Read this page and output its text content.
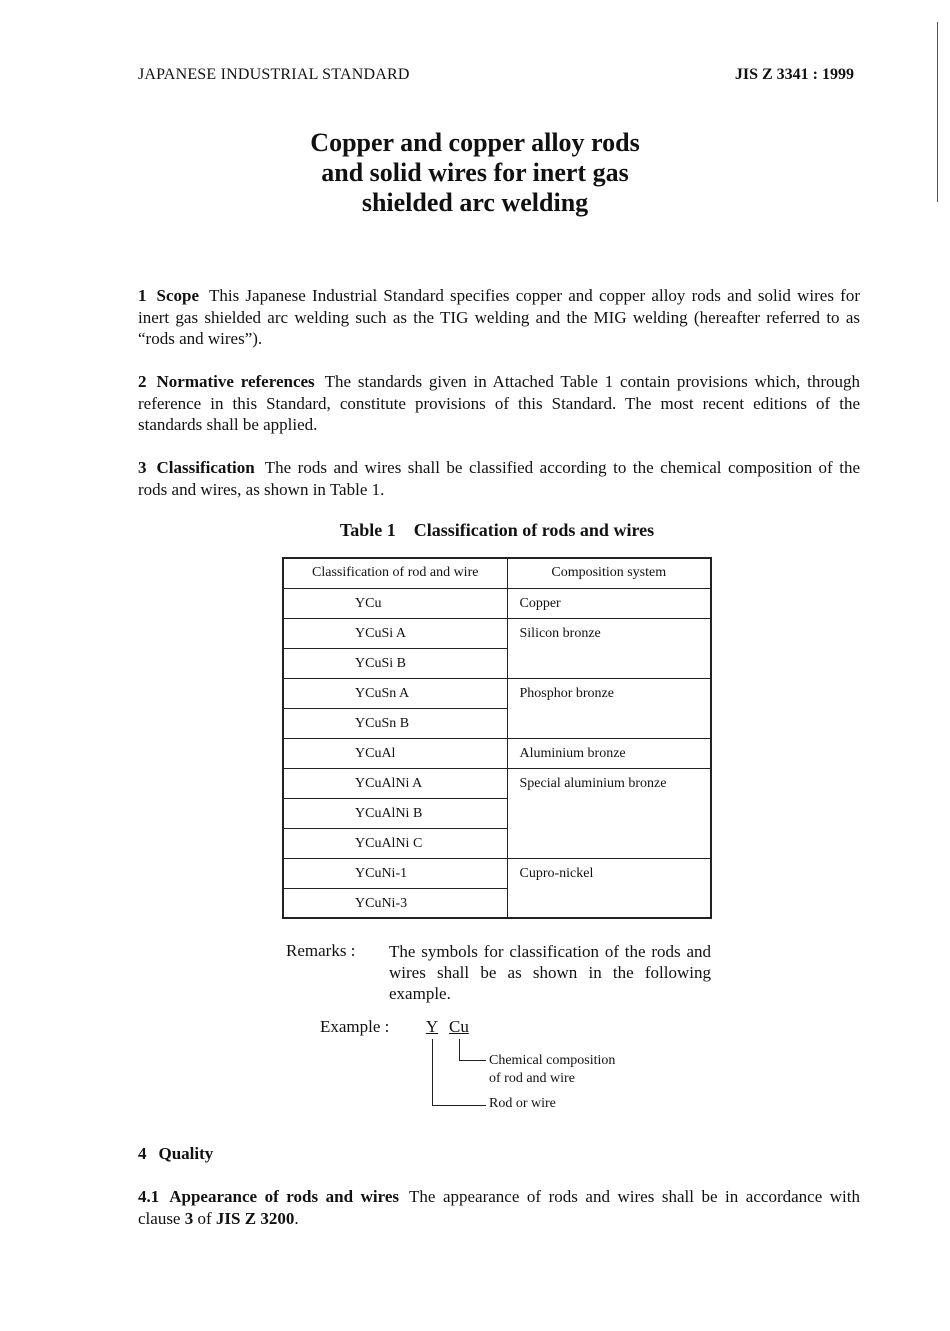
JAPANESE INDUSTRIAL STANDARD	JIS Z 3341 : 1999
Copper and copper alloy rods
and solid wires for inert gas
shielded arc welding
1 Scope This Japanese Industrial Standard specifies copper and copper alloy rods and solid wires for inert gas shielded arc welding such as the TIG welding and the MIG welding (hereafter referred to as “rods and wires”).
2 Normative references The standards given in Attached Table 1 contain provisions which, through reference in this Standard, constitute provisions of this Standard. The most recent editions of the standards shall be applied.
3 Classification The rods and wires shall be classified according to the chemical composition of the rods and wires, as shown in Table 1.
Table 1 Classification of rods and wires
Classification of rod and wire	Composition system
YCu	Copper
YCuSi A	Silicon bronze
YCuSi B	
YCuSn A	Phosphor bronze
YCuSn B	
YCuAl	Aluminium bronze
YCuAlNi A	Special aluminium bronze
YCuAlNi B	
YCuAlNi C	
YCuNi-1	Cupro-nickel
YCuNi-3	
Remarks : The symbols for classification of the rods and wires shall be as shown in the following example.
Example : Y Cu
Chemical composition
of rod and wire
Rod or wire
4 Quality
4.1 Appearance of rods and wires The appearance of rods and wires shall be in accordance with clause 3 of JIS Z 3200.
